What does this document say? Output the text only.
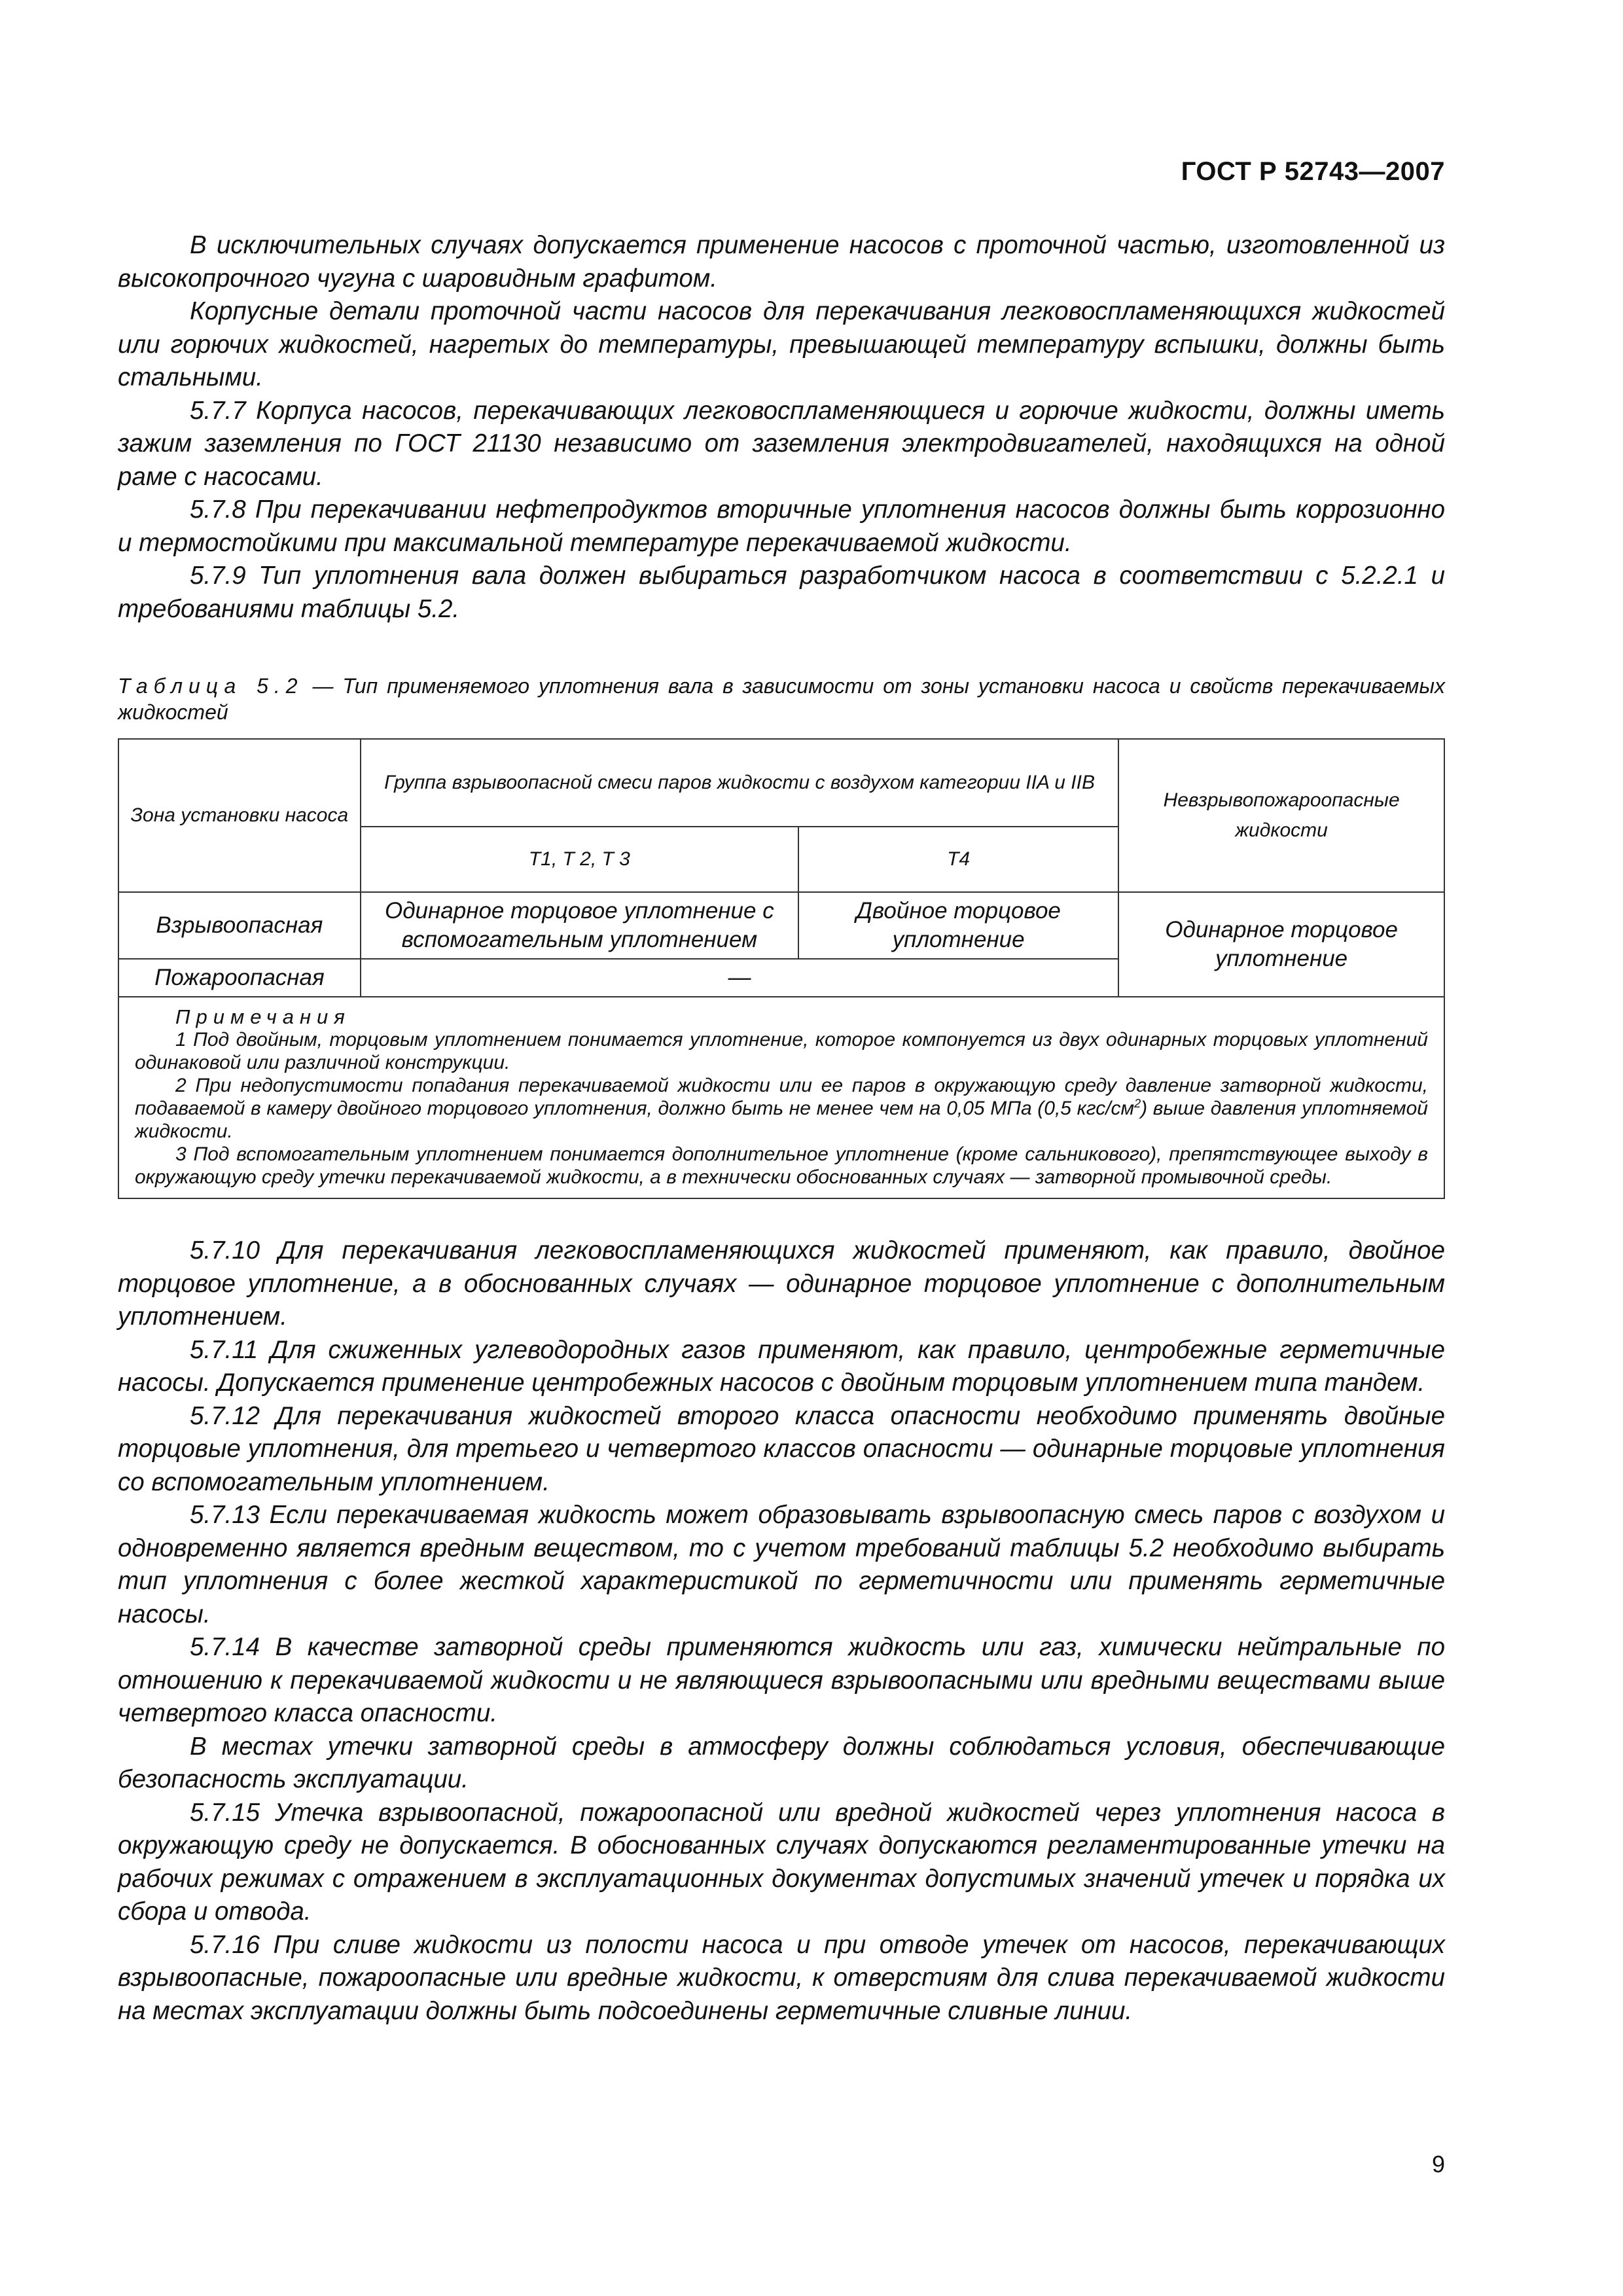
ГОСТ Р 52743—2007

В исключительных случаях допускается применение насосов с проточной частью, изготовленной из высокопрочного чугуна с шаровидным графитом.

Корпусные детали проточной части насосов для перекачивания легковоспламеняющихся жидкостей или горючих жидкостей, нагретых до температуры, превышающей температуру вспышки, должны быть стальными.

5.7.7 Корпуса насосов, перекачивающих легковоспламеняющиеся и горючие жидкости, должны иметь зажим заземления по ГОСТ 21130 независимо от заземления электродвигателей, находящихся на одной раме с насосами.

5.7.8 При перекачивании нефтепродуктов вторичные уплотнения насосов должны быть коррозионно и термостойкими при максимальной температуре перекачиваемой жидкости.

5.7.9 Тип уплотнения вала должен выбираться разработчиком насоса в соответствии с 5.2.2.1 и требованиями таблицы 5.2.

Таблица 5.2 — Тип применяемого уплотнения вала в зависимости от зоны установки насоса и свойств перекачиваемых жидкостей
Зона установки насоса	Группа взрывоопасной смеси паров жидкости с воздухом категории IIA и IIB		Невзрывопожароопасные жидкости
	T1, T 2, T 3	T4	
Взрывоопасная	Одинарное торцовое уплотнение с вспомогательным уплотнением	Двойное торцовое уплотнение	Одинарное торцовое уплотнение
Пожароопасная	—		

Примечания

1 Под двойным, торцовым уплотнением понимается уплотнение, которое компонуется из двух одинарных торцовых уплотнений одинаковой или различной конструкции.

2 При недопустимости попадания перекачиваемой жидкости или ее паров в окружающую среду давление затворной жидкости, подаваемой в камеру двойного торцового уплотнения, должно быть не менее чем на 0,05 МПа (0,5 кгс/$см^2$) выше давления уплотняемой жидкости.

3 Под вспомогательным уплотнением понимается дополнительное уплотнение (кроме сальникового), препятствующее выходу в окружающую среду утечки перекачиваемой жидкости, а в технически обоснованных случаях — затворной промывочной среды.			

5.7.10 Для перекачивания легковоспламеняющихся жидкостей применяют, как правило, двойное торцовое уплотнение, а в обоснованных случаях — одинарное торцовое уплотнение с дополнительным уплотнением.

5.7.11 Для сжиженных углеводородных газов применяют, как правило, центробежные герметичные насосы. Допускается применение центробежных насосов с двойным торцовым уплотнением типа тандем.

5.7.12 Для перекачивания жидкостей второго класса опасности необходимо применять двойные торцовые уплотнения, для третьего и четвертого классов опасности — одинарные торцовые уплотнения со вспомогательным уплотнением.

5.7.13 Если перекачиваемая жидкость может образовывать взрывоопасную смесь паров с воздухом и одновременно является вредным веществом, то с учетом требований таблицы 5.2 необходимо выбирать тип уплотнения с более жесткой характеристикой по герметичности или применять герметичные насосы.

5.7.14 В качестве затворной среды применяются жидкость или газ, химически нейтральные по отношению к перекачиваемой жидкости и не являющиеся взрывоопасными или вредными веществами выше четвертого класса опасности.

В местах утечки затворной среды в атмосферу должны соблюдаться условия, обеспечивающие безопасность эксплуатации.

5.7.15 Утечка взрывоопасной, пожароопасной или вредной жидкостей через уплотнения насоса в окружающую среду не допускается. В обоснованных случаях допускаются регламентированные утечки на рабочих режимах с отражением в эксплуатационных документах допустимых значений утечек и порядка их сбора и отвода.

5.7.16 При сливе жидкости из полости насоса и при отводе утечек от насосов, перекачивающих взрывоопасные, пожароопасные или вредные жидкости, к отверстиям для слива перекачиваемой жидкости на местах эксплуатации должны быть подсоединены герметичные сливные линии.

9
